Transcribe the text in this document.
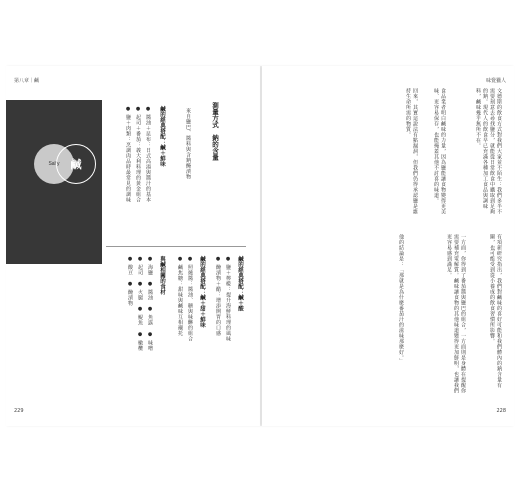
第八章｜鹹
Salty 鹹
測量方式　鈉的含量
來自鹽巴、醬料與含鈉醃漬物
鹹的經典搭配：鹹＋鮮味
● 醬油＋昆布：日式高湯與醬汁的基本
● 起司＋番茄：義大利料理的黃金組合
● 鹽＋肉類：烹調肉品時最常見的調味
鹹的經典搭配：鹹＋酸
● 鹽＋檸檬：提升海鮮料理的風味
● 醃漬物＋醋：增添開胃的口感
鹹的經典搭配：鹹＋甜＋鮮味
● 照燒醬：醬油、糖與味醂的組合
● 鹹焦糖：甜味與鹹味互相襯托
與鹹相關的食材
● 海鹽　● 醬油　● 魚露　● 味噌
● 起司　● 火腿　● 鯷魚　● 橄欖
● 酸豆　● 醃漬物
229
味覺獵人
文德斯的飲食方式對我們大家並不陌生：我們多半不需要刻意去尋找鹽分，就能從日常飲食中攝取到足夠的鈉。現代人的飲食早已充滿各種加工食品與調味料，鹹味幾乎無所不在。
食品業者明白鹹味的力量，因為鹽能讓食物變得更美味、更容易保存，也能掩蓋其他不討喜的味道。
回來，其實這說法有點漏洞，但我們仍得承認鹽是維持生命所需的物質。
有項新研究指出，我們對鹹味的喜好可能和我們體內的鈉含量有關，也可能受到從小養成的飲食習慣所影響。
一方面，你得到了番茄醬與鹽巴的組合，一方面則是身體在提醒你需要補充電解質。鹹味讓食物的其他味道變得更加鮮明，也讓我們更容易感到滿足。
他的結論是：「那就是為什麼番茄汁的滋味那麼好。」
228
